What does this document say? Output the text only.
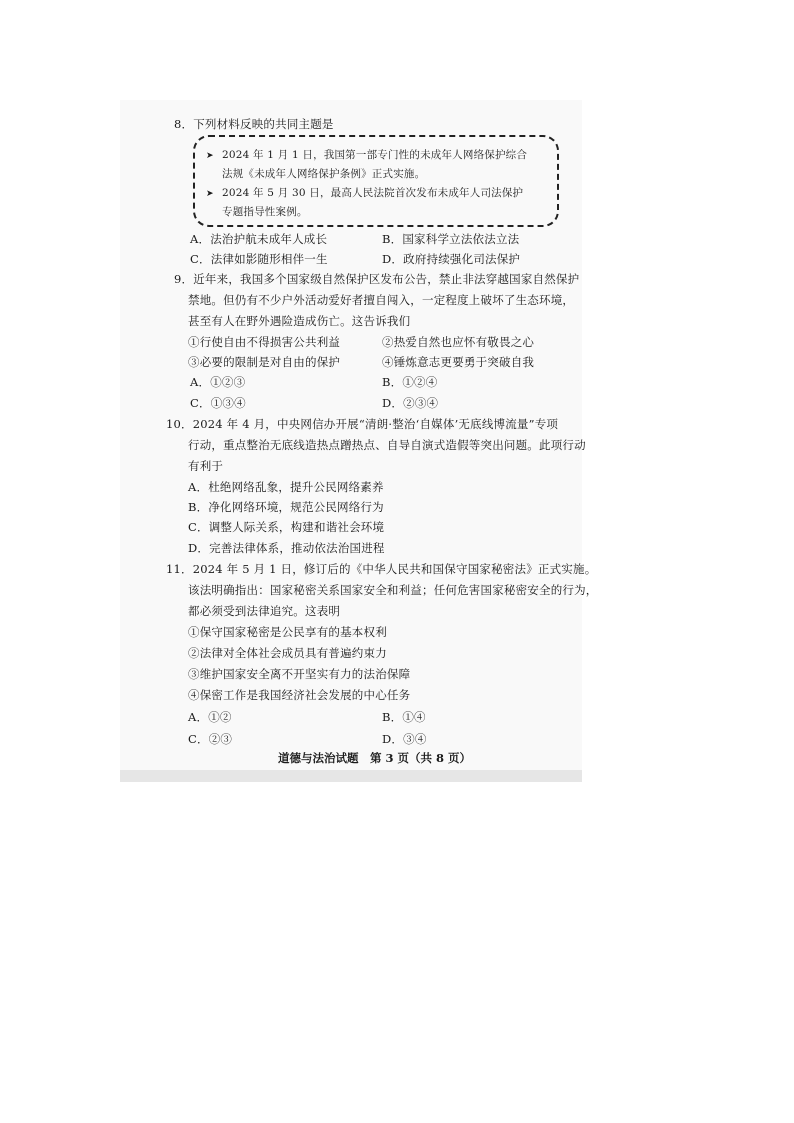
8．下列材料反映的共同主题是
➤ 2024 年 1 月 1 日，我国第一部专门性的未成年人网络保护综合
法规《未成年人网络保护条例》正式实施。
➤ 2024 年 5 月 30 日，最高人民法院首次发布未成年人司法保护
专题指导性案例。
A．法治护航未成年人成长	B．国家科学立法依法立法
C．法律如影随形相伴一生	D．政府持续强化司法保护
9．近年来，我国多个国家级自然保护区发布公告，禁止非法穿越国家自然保护
禁地。但仍有不少户外活动爱好者擅自闯入，一定程度上破坏了生态环境，
甚至有人在野外遇险造成伤亡。这告诉我们
①行使自由不得损害公共利益	②热爱自然也应怀有敬畏之心
③必要的限制是对自由的保护	④锤炼意志更要勇于突破自我
A．①②③	B．①②④
C．①③④	D．②③④
10．2024 年 4 月，中央网信办开展“清朗·整治‘自媒体’无底线博流量”专项
行动，重点整治无底线造热点蹭热点、自导自演式造假等突出问题。此项行动
有利于
A．杜绝网络乱象，提升公民网络素养
B．净化网络环境，规范公民网络行为
C．调整人际关系，构建和谐社会环境
D．完善法律体系，推动依法治国进程
11．2024 年 5 月 1 日，修订后的《中华人民共和国保守国家秘密法》正式实施。
该法明确指出：国家秘密关系国家安全和利益；任何危害国家秘密安全的行为，
都必须受到法律追究。这表明
①保守国家秘密是公民享有的基本权利
②法律对全体社会成员具有普遍约束力
③维护国家安全离不开坚实有力的法治保障
④保密工作是我国经济社会发展的中心任务
A．①②	B．①④
C．②③	D．③④
道德与法治试题　第 3 页（共 8 页）
